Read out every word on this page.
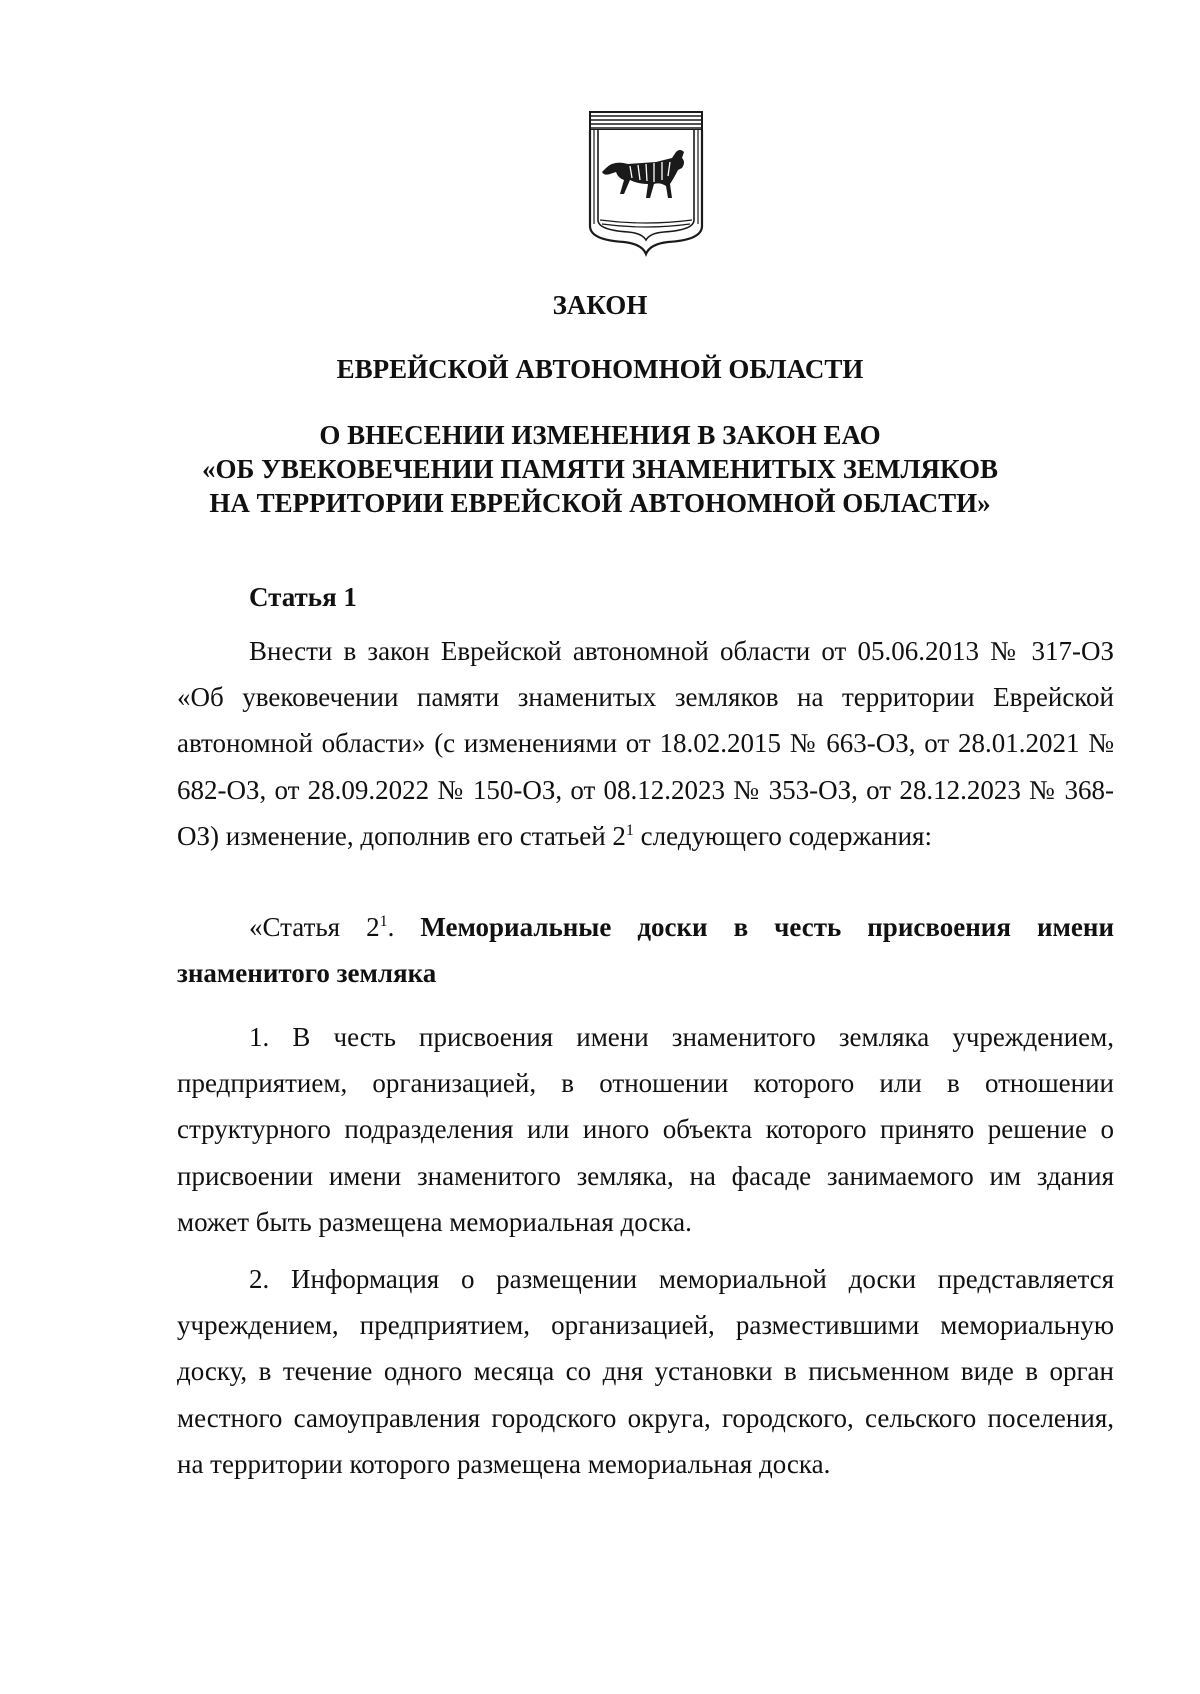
ЗАКОН
ЕВРЕЙСКОЙ АВТОНОМНОЙ ОБЛАСТИ
О ВНЕСЕНИИ ИЗМЕНЕНИЯ В ЗАКОН ЕАО
«ОБ УВЕКОВЕЧЕНИИ ПАМЯТИ ЗНАМЕНИТЫХ ЗЕМЛЯКОВ
НА ТЕРРИТОРИИ ЕВРЕЙСКОЙ АВТОНОМНОЙ ОБЛАСТИ»
Статья 1

Внести в закон Еврейской автономной области от 05.06.2013 № 317-ОЗ «Об увековечении памяти знаменитых земляков на территории Еврейской автономной области» (с изменениями от 18.02.2015 № 663-ОЗ, от 28.01.2021 № 682-ОЗ, от 28.09.2022 № 150-ОЗ, от 08.12.2023 № 353-ОЗ, от 28.12.2023 № 368-ОЗ) изменение, дополнив его статьей $2^1$ следующего содержания:

«Статья $2^1$. Мемориальные доски в честь присвоения имени знаменитого земляка

1. В честь присвоения имени знаменитого земляка учреждением, предприятием, организацией, в отношении которого или в отношении структурного подразделения или иного объекта которого принято решение о присвоении имени знаменитого земляка, на фасаде занимаемого им здания может быть размещена мемориальная доска.

2. Информация о размещении мемориальной доски представляется учреждением, предприятием, организацией, разместившими мемориальную доску, в течение одного месяца со дня установки в письменном виде в орган местного самоуправления городского округа, городского, сельского поселения, на территории которого размещена мемориальная доска.
